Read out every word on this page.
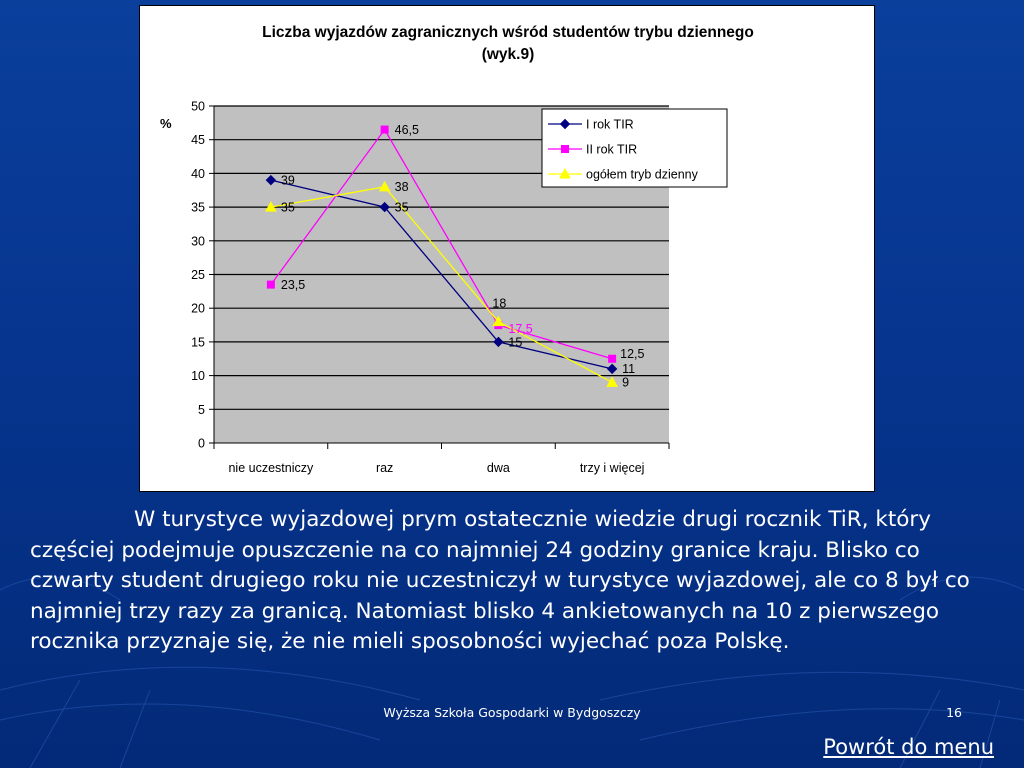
Liczba wyjazdów zagranicznych wśród studentów trybu dziennego
(wyk.9)
0
5
10
15
20
25
30
35
40
45
50
nie uczestniczy	raz	dwa	trzy i więcej
%
39
35
15
11
23,5
46,5
17,5
12,5
35
38
18
9
I rok TIR
II rok TIR
ogółem tryb dzienny

W turystyce wyjazdowej prym ostatecznie wiedzie drugi rocznik TiR, który częściej podejmuje opuszczenie na co najmniej 24 godziny granice kraju. Blisko co czwarty student drugiego roku nie uczestniczył w turystyce wyjazdowej, ale co 8 był co najmniej trzy razy za granicą. Natomiast blisko 4 ankietowanych na 10 z pierwszego rocznika przyznaje się, że nie mieli sposobności wyjechać poza Polskę.

Wyższa Szkoła Gospodarki w Bydgoszczy	16
Powrót do menu
